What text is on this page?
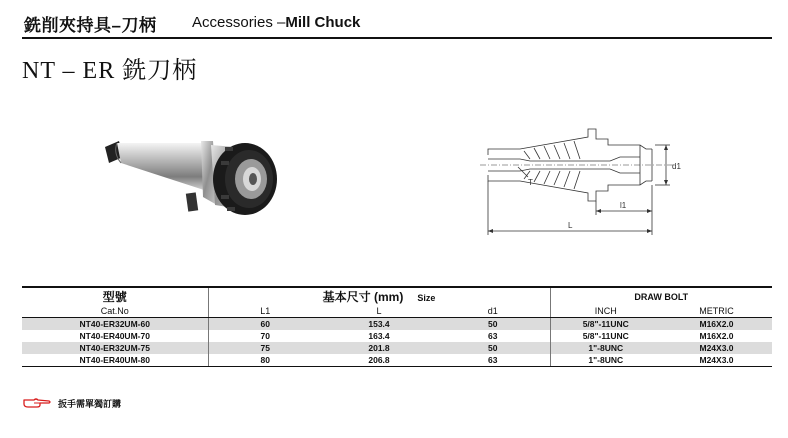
銑削夾持具–刀柄 Accessories –Mill Chuck
NT – ER 銑刀柄
d1
l1
L
T
型號	基本尺寸 (mm) Size			DRAW BOLT	
Cat.No	L1	L	d1	INCH	METRIC
NT40-ER32UM-60	60	153.4	50	5/8"-11UNC	M16X2.0
NT40-ER40UM-70	70	163.4	63	5/8"-11UNC	M16X2.0
NT40-ER32UM-75	75	201.8	50	1"-8UNC	M24X3.0
NT40-ER40UM-80	80	206.8	63	1"-8UNC	M24X3.0
扳手需單獨訂購
